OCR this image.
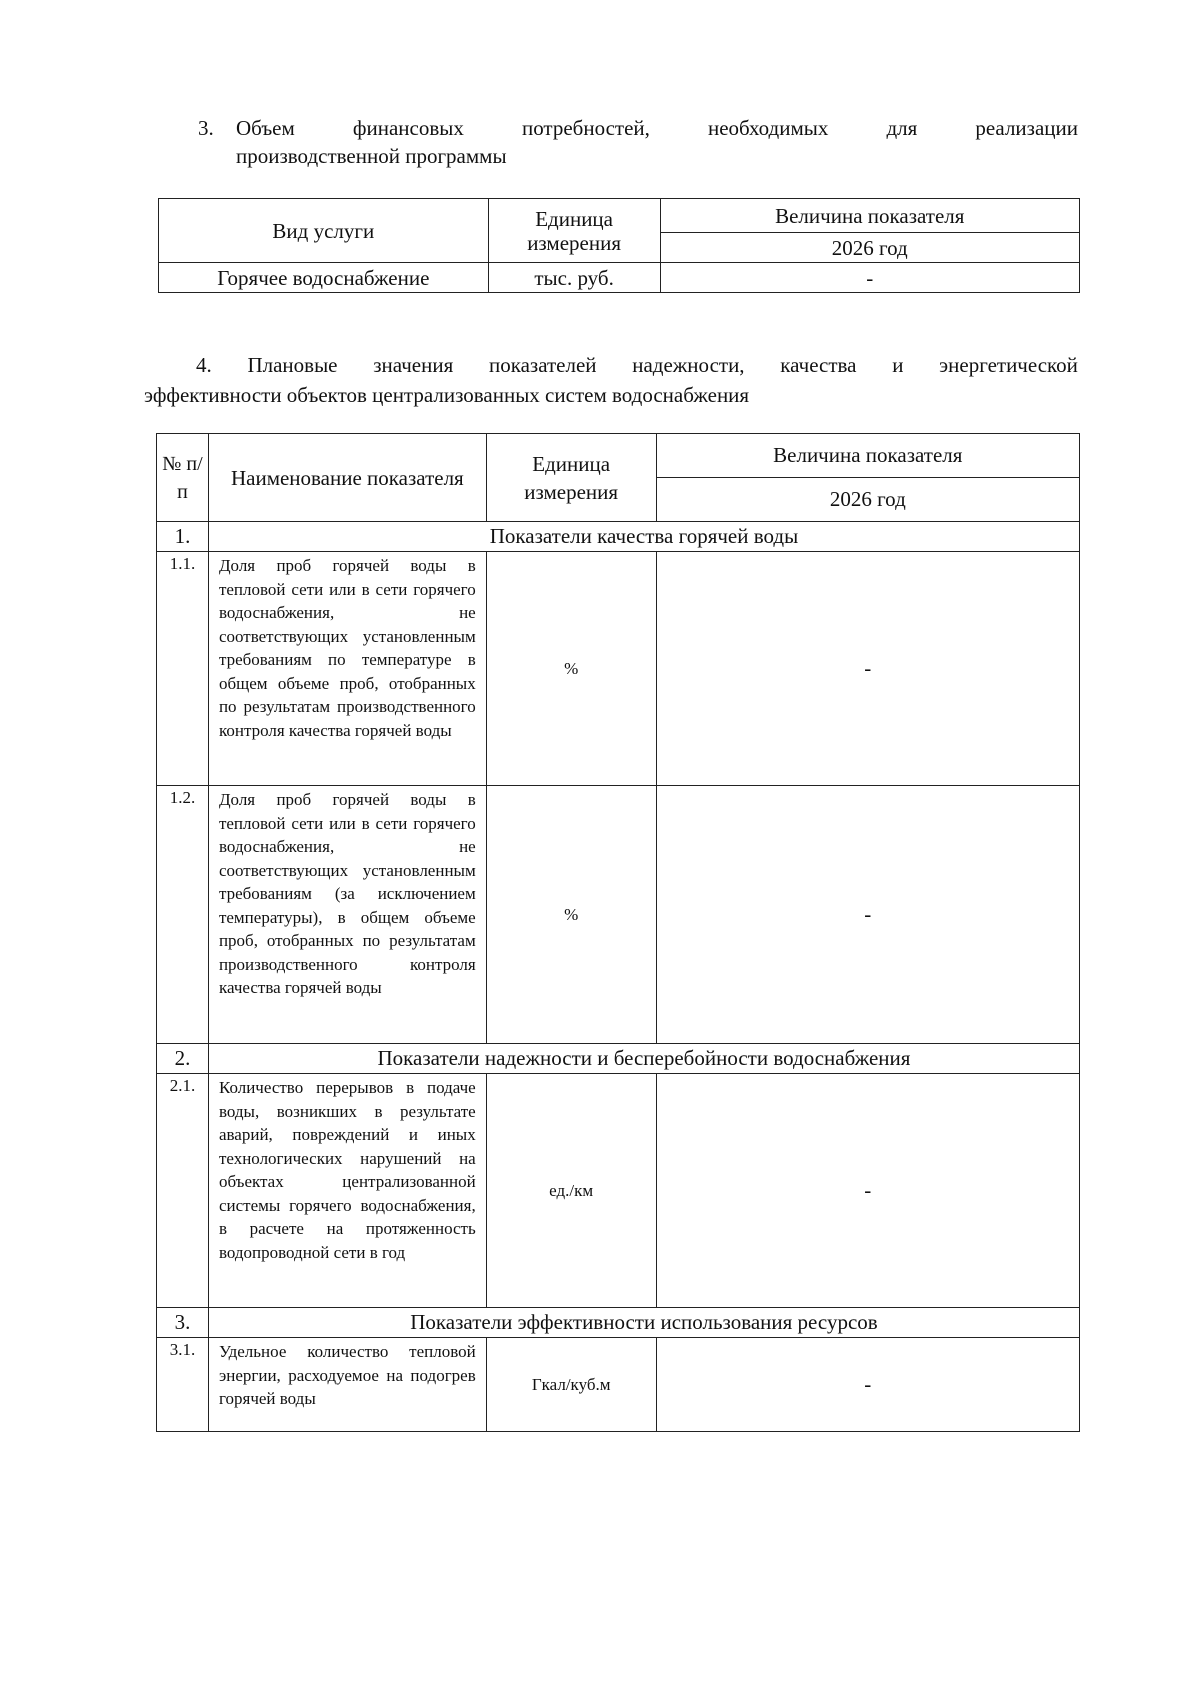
3. Объем	финансовых	потребностей,	необходимых	для	реализации
производственной программы
Вид услуги	Единица измерения	Величина показателя
		2026 год
Горячее водоснабжение	тыс. руб.	-
4. Плановые значения показателей надежности, качества и энергетической
эффективности объектов централизованных систем водоснабжения
№ п/п	Наименование показателя	Единица измерения	Величина показателя
			2026 год
1.	Показатели качества горячей воды		
1.1.	Доля проб горячей воды в тепловой сети или в сети горячего водоснабжения, не соответствующих установленным требованиям по температуре в общем объеме проб, отобранных по результатам производственного контроля качества горячей воды	%	-
1.2.	Доля проб горячей воды в тепловой сети или в сети горячего водоснабжения, не соответствующих установленным требованиям (за исключением температуры), в общем объеме проб, отобранных по результатам производственного контроля качества горячей воды	%	-
2.	Показатели надежности и бесперебойности водоснабжения		
2.1.	Количество перерывов в подаче воды, возникших в результате аварий, повреждений и иных технологических нарушений на объектах централизованной системы горячего водоснабжения, в расчете на протяженность водопроводной сети в год	ед./км	-
3.	Показатели эффективности использования ресурсов		
3.1.	Удельное количество тепловой энергии, расходуемое на подогрев горячей воды	Гкал/куб.м	-
